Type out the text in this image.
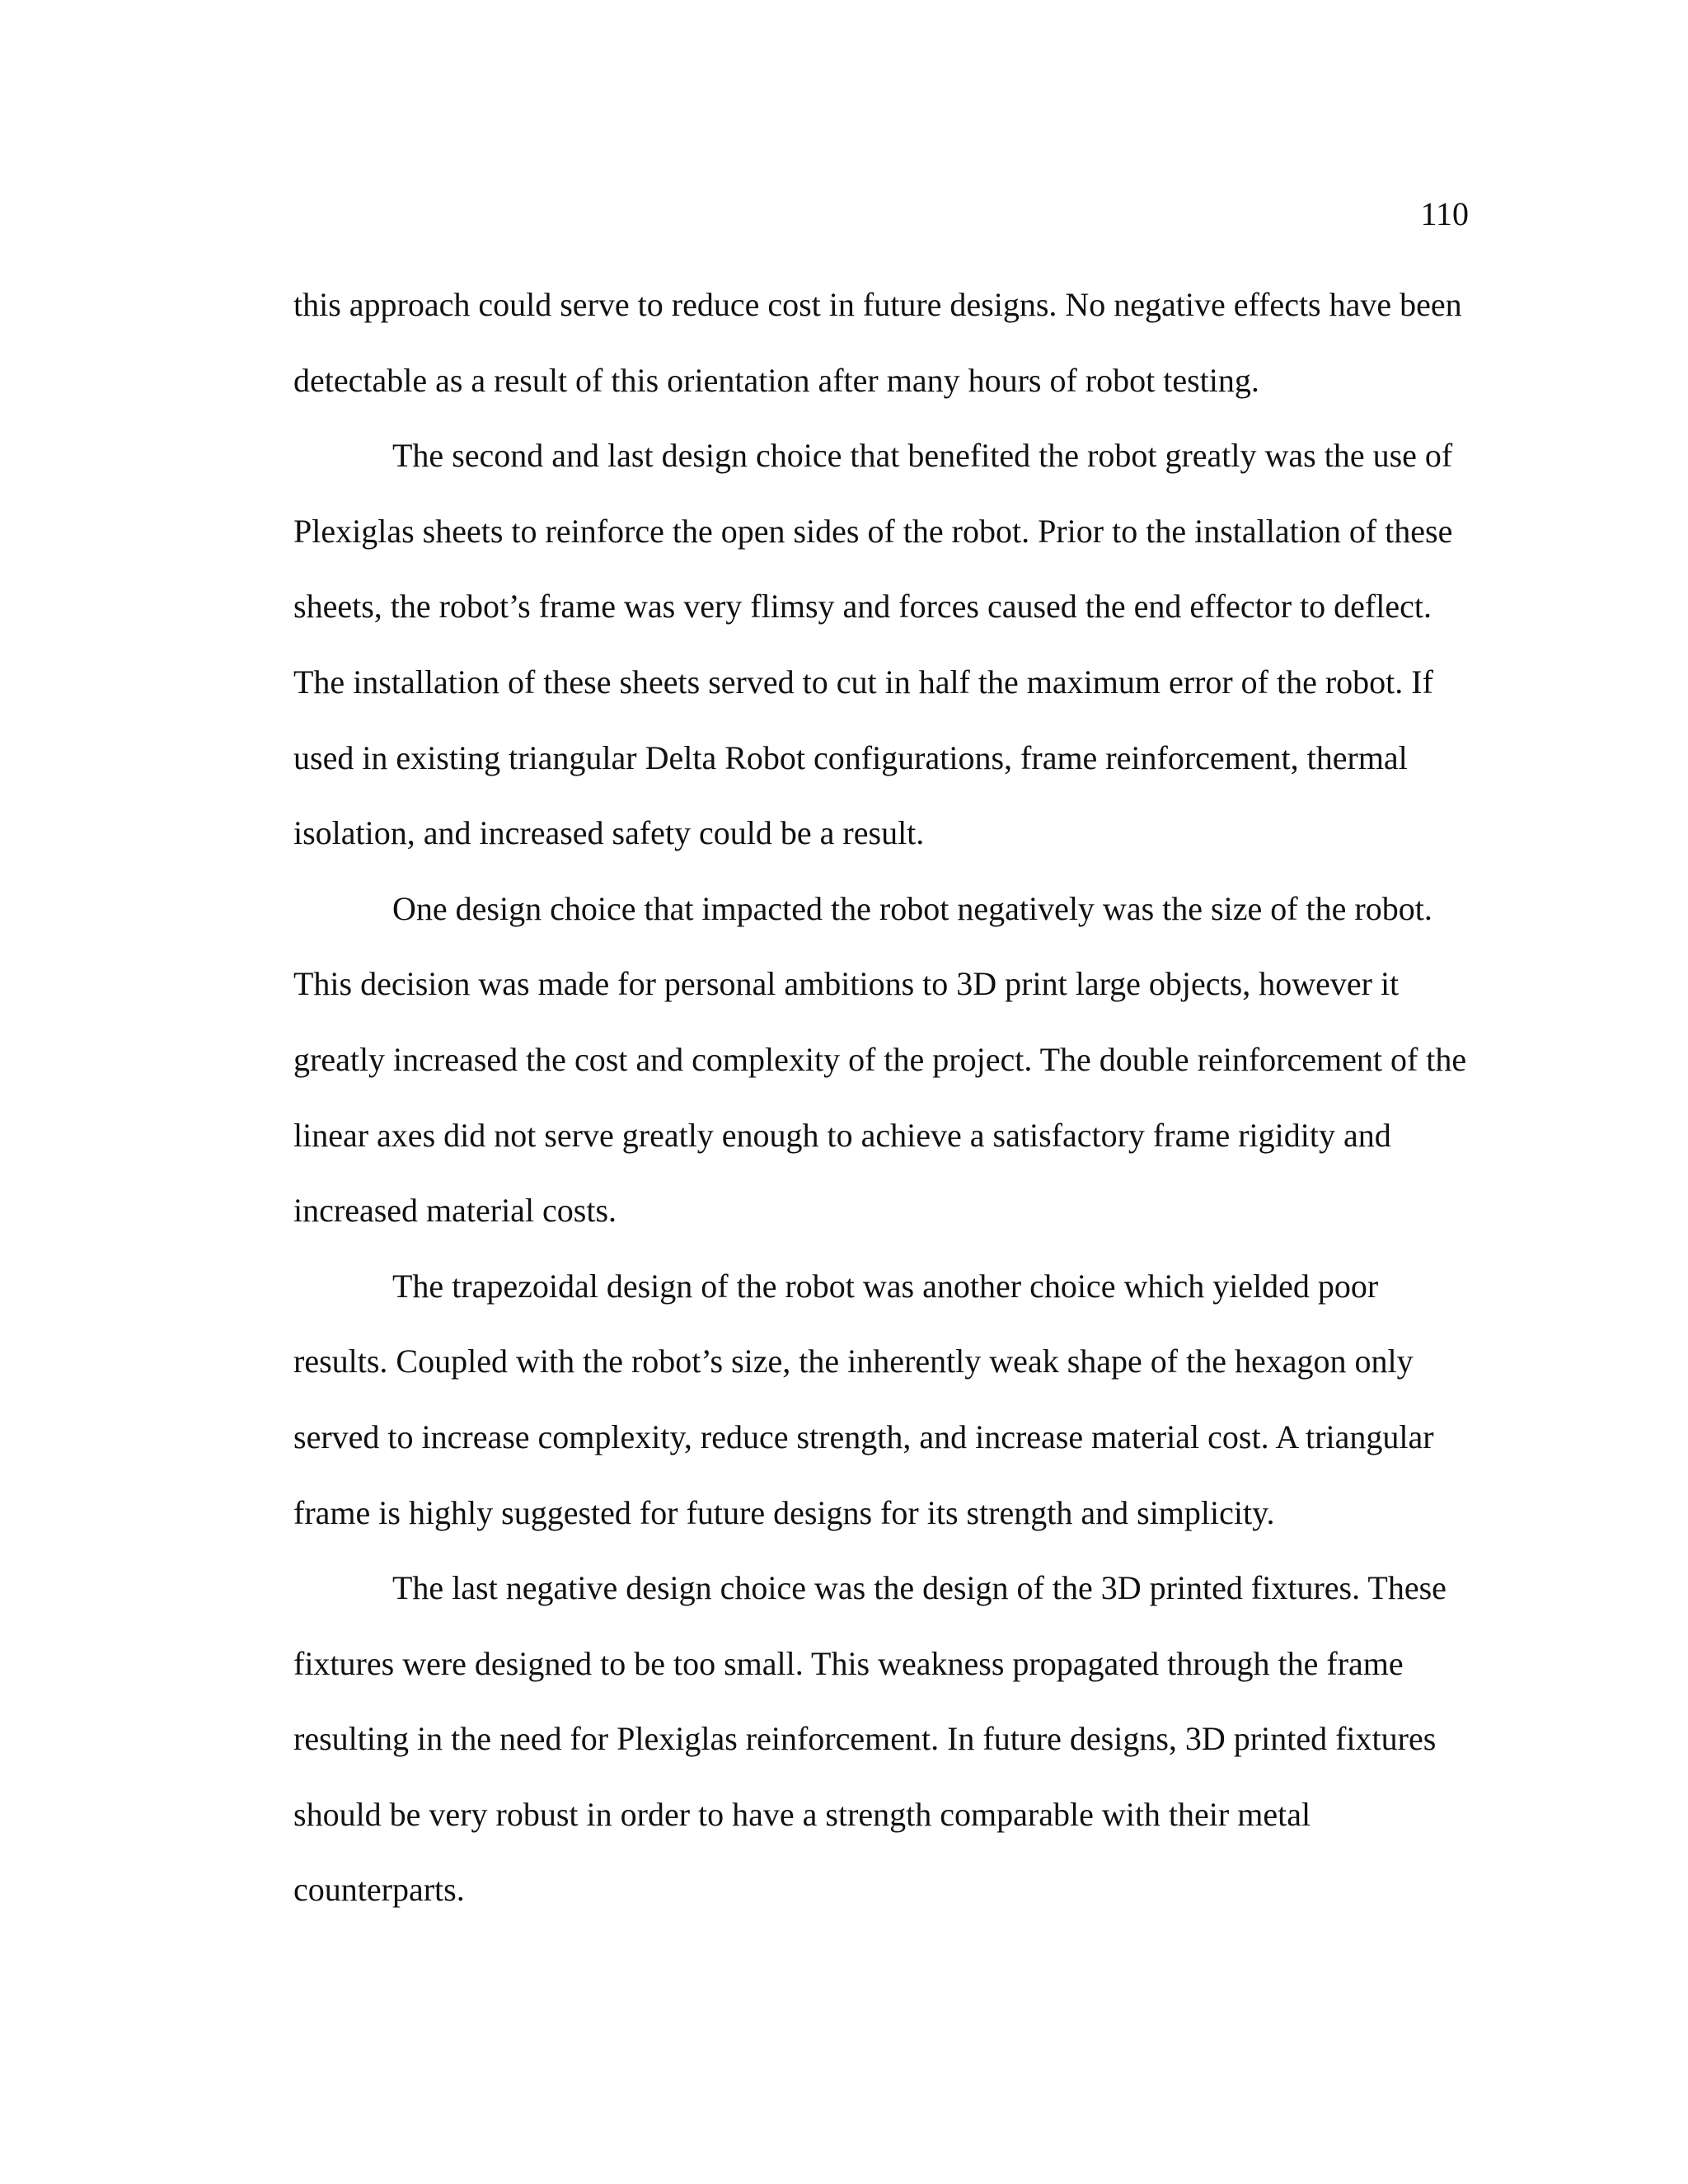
110
this approach could serve to reduce cost in future designs. No negative effects have been
detectable as a result of this orientation after many hours of robot testing.
The second and last design choice that benefited the robot greatly was the use of
Plexiglas sheets to reinforce the open sides of the robot. Prior to the installation of these
sheets, the robot’s frame was very flimsy and forces caused the end effector to deflect.
The installation of these sheets served to cut in half the maximum error of the robot. If
used in existing triangular Delta Robot configurations, frame reinforcement, thermal
isolation, and increased safety could be a result.
One design choice that impacted the robot negatively was the size of the robot.
This decision was made for personal ambitions to 3D print large objects, however it
greatly increased the cost and complexity of the project. The double reinforcement of the
linear axes did not serve greatly enough to achieve a satisfactory frame rigidity and
increased material costs.
The trapezoidal design of the robot was another choice which yielded poor
results. Coupled with the robot’s size, the inherently weak shape of the hexagon only
served to increase complexity, reduce strength, and increase material cost. A triangular
frame is highly suggested for future designs for its strength and simplicity.
The last negative design choice was the design of the 3D printed fixtures. These
fixtures were designed to be too small. This weakness propagated through the frame
resulting in the need for Plexiglas reinforcement. In future designs, 3D printed fixtures
should be very robust in order to have a strength comparable with their metal
counterparts.
